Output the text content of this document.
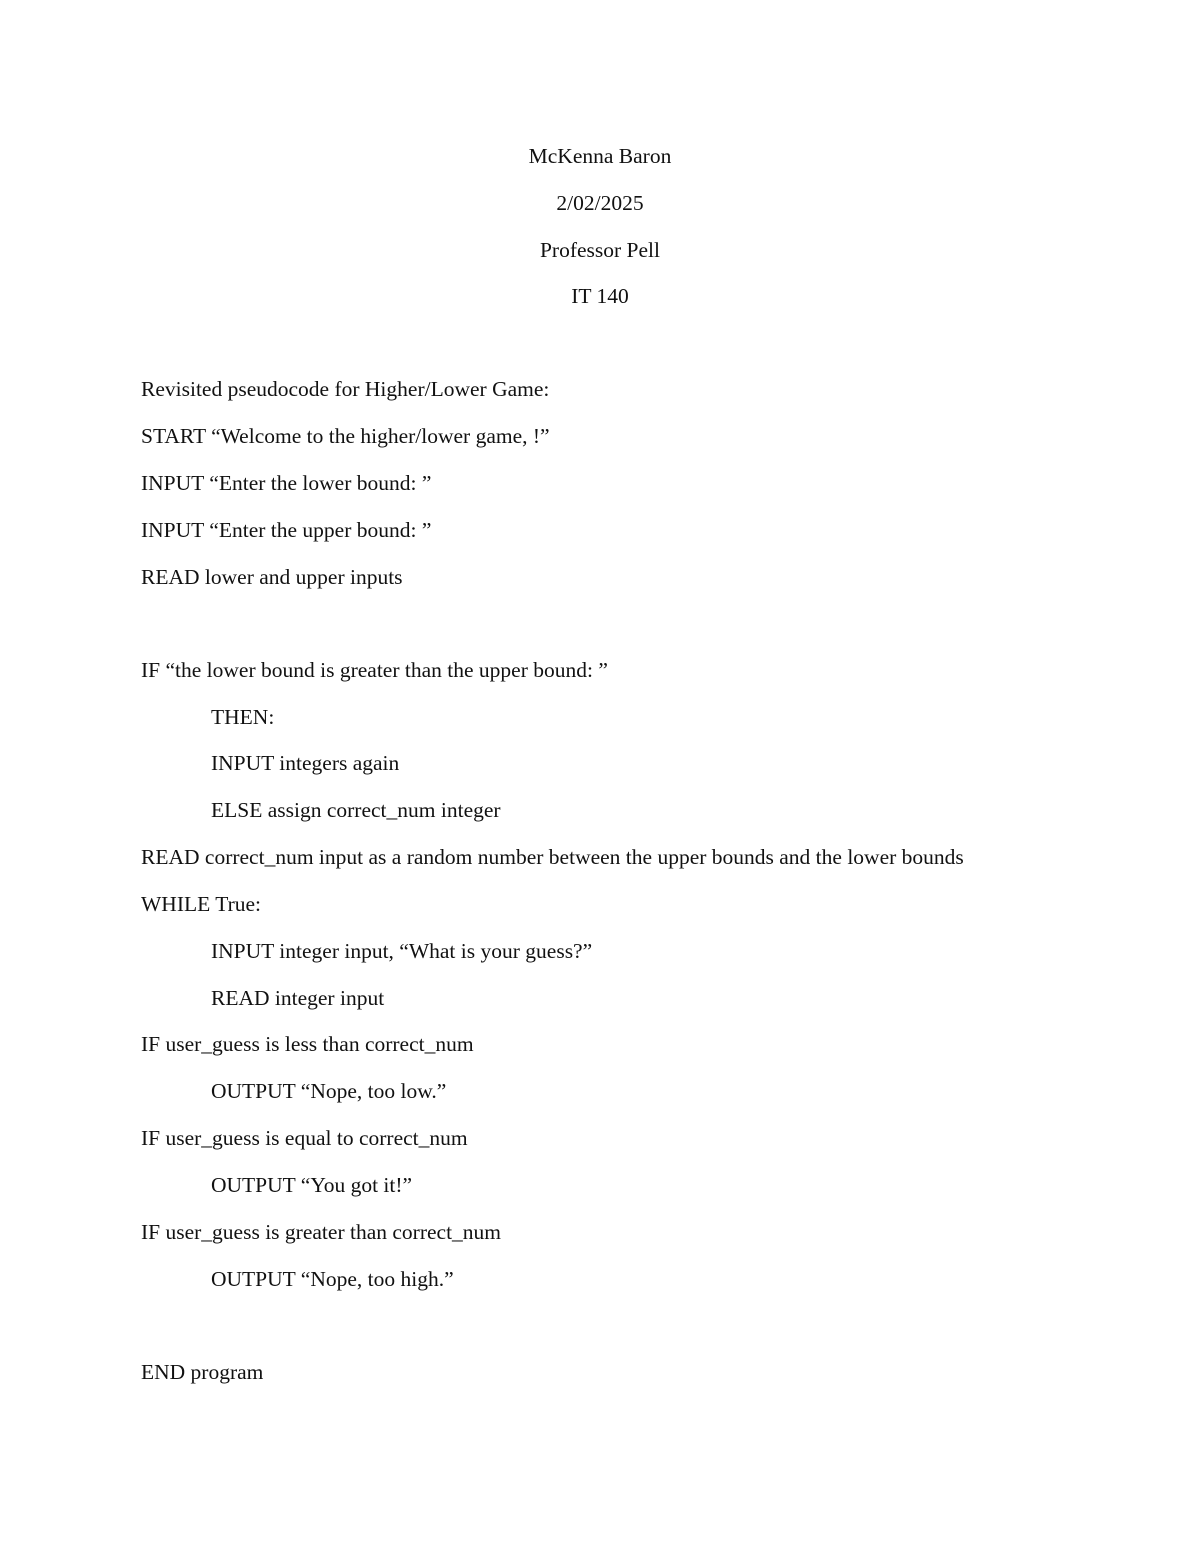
McKenna Baron

2/02/2025

Professor Pell

IT 140

Revisited pseudocode for Higher/Lower Game:

START “Welcome to the higher/lower game, !”

INPUT “Enter the lower bound: ”

INPUT “Enter the upper bound: ”

READ lower and upper inputs

IF “the lower bound is greater than the upper bound: ”

THEN:

INPUT integers again

ELSE assign correct_num integer

READ correct_num input as a random number between the upper bounds and the lower bounds

WHILE True:

INPUT integer input, “What is your guess?”

READ integer input

IF user_guess is less than correct_num

OUTPUT “Nope, too low.”

IF user_guess is equal to correct_num

OUTPUT “You got it!”

IF user_guess is greater than correct_num

OUTPUT “Nope, too high.”

END program
